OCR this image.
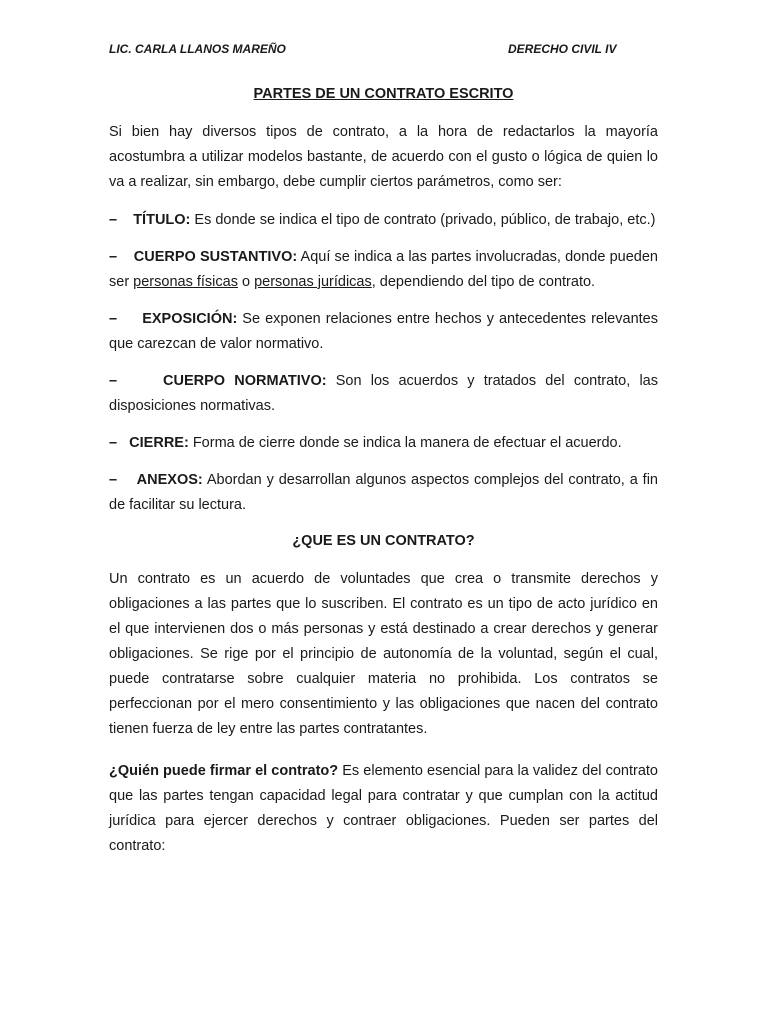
LIC. CARLA LLANOS MAREÑO	DERECHO CIVIL IV
PARTES DE UN CONTRATO ESCRITO

Si bien hay diversos tipos de contrato, a la hora de redactarlos la mayoría acostumbra a utilizar modelos bastante, de acuerdo con el gusto o lógica de quien lo va a realizar, sin embargo, debe cumplir ciertos parámetros, como ser:

– TÍTULO: Es donde se indica el tipo de contrato (privado, público, de trabajo, etc.)

– CUERPO SUSTANTIVO: Aquí se indica a las partes involucradas, donde pueden ser personas físicas o personas jurídicas, dependiendo del tipo de contrato.

– EXPOSICIÓN: Se exponen relaciones entre hechos y antecedentes relevantes que carezcan de valor normativo.

–	CUERPO NORMATIVO: Son los acuerdos y tratados del contrato, las disposiciones normativas.

– CIERRE: Forma de cierre donde se indica la manera de efectuar el acuerdo.

– ANEXOS: Abordan y desarrollan algunos aspectos complejos del contrato, a fin de facilitar su lectura.

¿QUE ES UN CONTRATO?

Un contrato es un acuerdo de voluntades que crea o transmite derechos y obligaciones a las partes que lo suscriben. El contrato es un tipo de acto jurídico en el que intervienen dos o más personas y está destinado a crear derechos y generar obligaciones. Se rige por el principio de autonomía de la voluntad, según el cual, puede contratarse sobre cualquier materia no prohibida. Los contratos se perfeccionan por el mero consentimiento y las obligaciones que nacen del contrato tienen fuerza de ley entre las partes contratantes.

¿Quién puede firmar el contrato? Es elemento esencial para la validez del contrato que las partes tengan capacidad legal para contratar y que cumplan con la actitud jurídica para ejercer derechos y contraer obligaciones. Pueden ser partes del contrato:
